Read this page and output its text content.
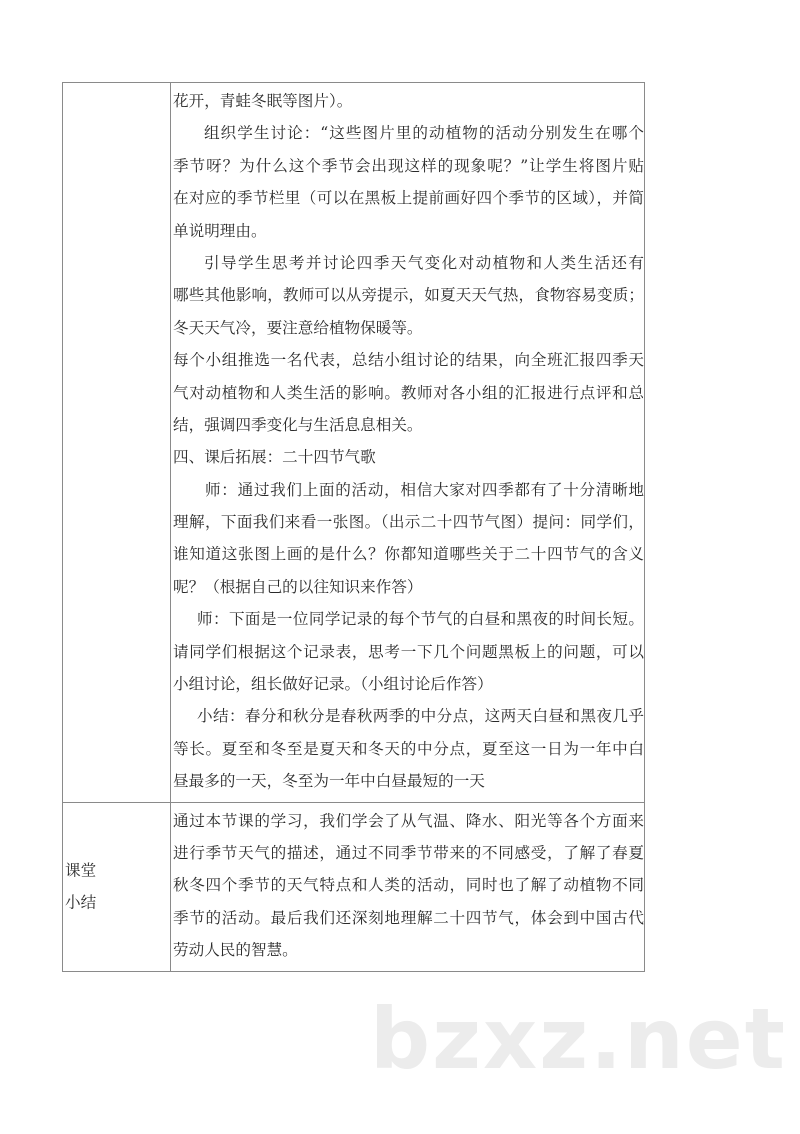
花开，青蛙冬眠等图片）。
组织学生讨论：“这些图片里的动植物的活动分别发生在哪个
季节呀？为什么这个季节会出现这样的现象呢？”让学生将图片贴
在对应的季节栏里（可以在黑板上提前画好四个季节的区域），并简
单说明理由。
引导学生思考并讨论四季天气变化对动植物和人类生活还有
哪些其他影响，教师可以从旁提示，如夏天天气热，食物容易变质；
冬天天气冷，要注意给植物保暖等。
每个小组推选一名代表，总结小组讨论的结果，向全班汇报四季天
气对动植物和人类生活的影响。教师对各小组的汇报进行点评和总
结，强调四季变化与生活息息相关。
四、课后拓展：二十四节气歌
师：通过我们上面的活动，相信大家对四季都有了十分清晰地
理解，下面我们来看一张图。（出示二十四节气图）提问：同学们，
谁知道这张图上画的是什么？你都知道哪些关于二十四节气的含义
呢？（根据自己的以往知识来作答）
师：下面是一位同学记录的每个节气的白昼和黑夜的时间长短。
请同学们根据这个记录表，思考一下几个问题黑板上的问题，可以
小组讨论，组长做好记录。（小组讨论后作答）
小结：春分和秋分是春秋两季的中分点，这两天白昼和黑夜几乎
等长。夏至和冬至是夏天和冬天的中分点，夏至这一日为一年中白
昼最多的一天，冬至为一年中白昼最短的一天
课堂
小结
通过本节课的学习，我们学会了从气温、降水、阳光等各个方面来
进行季节天气的描述，通过不同季节带来的不同感受，了解了春夏
秋冬四个季节的天气特点和人类的活动，同时也了解了动植物不同
季节的活动。最后我们还深刻地理解二十四节气，体会到中国古代
劳动人民的智慧。
bzxz.net
